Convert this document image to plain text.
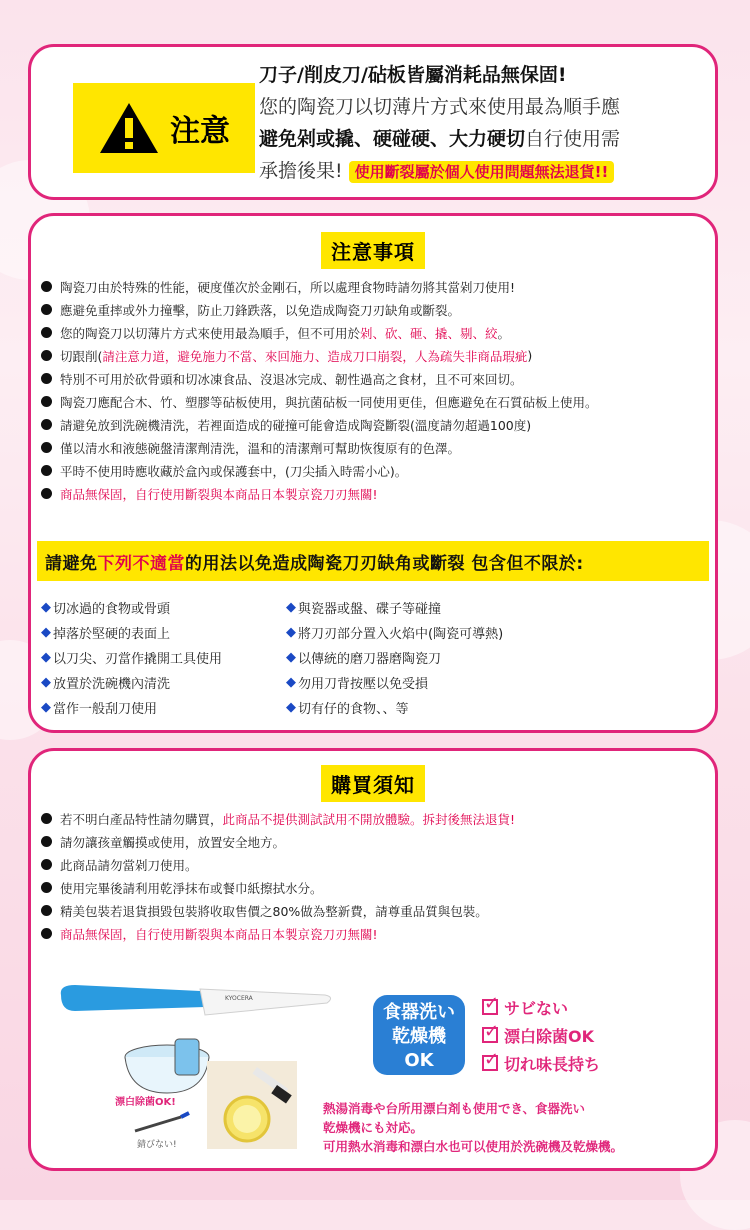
注意
刀子/削皮刀/砧板皆屬消耗品無保固!
您的陶瓷刀以切薄片方式來使用最為順手應
避免剁或撬、硬碰硬、大力硬切自行使用需
承擔後果! 使用斷裂屬於個人使用問題無法退貨!!
注意事項
陶瓷刀由於特殊的性能，硬度僅次於金剛石，所以處理食物時請勿將其當剁刀使用!
應避免重摔或外力撞擊，防止刀鋒跌落，以免造成陶瓷刀刃缺角或斷裂。
您的陶瓷刀以切薄片方式來使用最為順手，但不可用於 剁、砍、砸、撬、剔、絞 。
切跟削( 請注意力道，避免施力不當、來回施力、造成刀口崩裂，人為疏失非商品瑕疵 )
特別不可用於砍骨頭和切冰凍食品、沒退冰完成、韌性過高之食材，且不可來回切。
陶瓷刀應配合木、竹、塑膠等砧板使用，與抗菌砧板一同使用更佳，但應避免在石質砧板上使用。
請避免放到洗碗機清洗，若裡面造成的碰撞可能會造成陶瓷斷裂(溫度請勿超過100度)
僅以清水和液態碗盤清潔劑清洗，溫和的清潔劑可幫助恢復原有的色澤。
平時不使用時應收藏於盒內或保護套中，(刀尖插入時需小心)。
商品無保固，自行使用斷裂與本商品日本製京瓷刀刃無關!
請避免 下列不適當 的用法以免造成陶瓷刀刃缺角或斷裂 包含但不限於:
◆ 切冰過的食物或骨頭	◆ 與瓷器或盤、碟子等碰撞
◆ 掉落於堅硬的表面上	◆ 將刀刃部分置入火焰中(陶瓷可導熱)
◆ 以刀尖、刃當作撬開工具使用	◆ 以傳統的磨刀器磨陶瓷刀
◆ 放置於洗碗機內清洗	◆ 勿用刀背按壓以免受損
◆ 當作一般刮刀使用	◆ 切有仔的食物、、等
購買須知
若不明白產品特性請勿購買， 此商品不提供測試試用不開放體驗。拆封後無法退貨!
請勿讓孩童觸摸或使用，放置安全地方。
此商品請勿當剁刀使用。
使用完畢後請利用乾淨抹布或餐巾紙擦拭水分。
精美包裝若退貨損毀包裝將收取售價之80%做為整新費，請尊重品質與包裝。
商品無保固，自行使用斷裂與本商品日本製京瓷刀刃無關!
KYOCERA
漂白除菌OK!
錆びない!
食器洗い
乾燥機
OK
✓
サビない
✓
漂白除菌OK
✓
切れ味長持ち
熱湯消毒や台所用漂白剤も使用でき、食器洗い
乾燥機にも対応。
可用熱水消毒和漂白水也可以使用於洗碗機及乾燥機。
